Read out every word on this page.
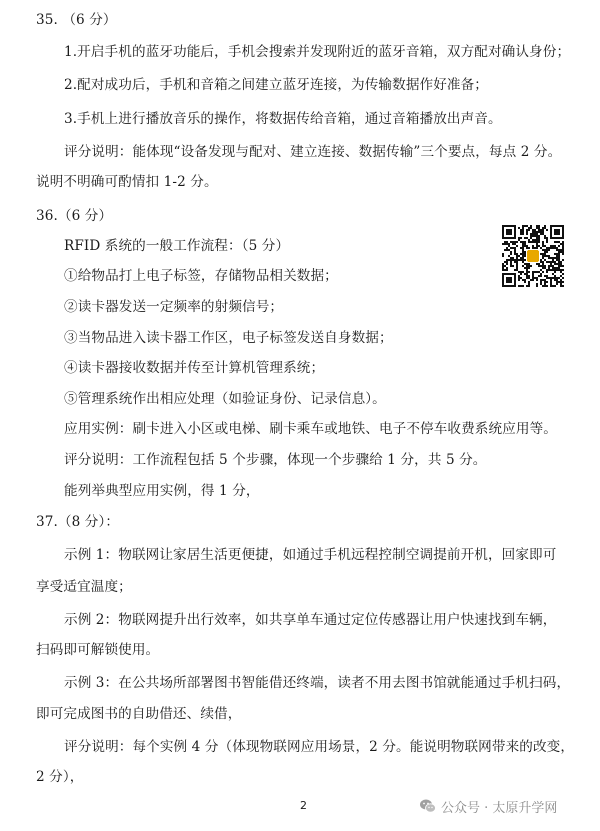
35. （6 分）
1.开启手机的蓝牙功能后，手机会搜索并发现附近的蓝牙音箱，双方配对确认身份；
2.配对成功后，手机和音箱之间建立蓝牙连接，为传输数据作好准备；
3.手机上进行播放音乐的操作，将数据传给音箱，通过音箱播放出声音。
评分说明：能体现“设备发现与配对、建立连接、数据传输”三个要点，每点 2 分。
说明不明确可酌情扣 1-2 分。
36.（6 分）
RFID 系统的一般工作流程：（5 分）
①给物品打上电子标签，存储物品相关数据；
②读卡器发送一定频率的射频信号；
③当物品进入读卡器工作区，电子标签发送自身数据；
④读卡器接收数据并传至计算机管理系统；
⑤管理系统作出相应处理（如验证身份、记录信息）。
应用实例：刷卡进入小区或电梯、刷卡乘车或地铁、电子不停车收费系统应用等。
评分说明：工作流程包括 5 个步骤，体现一个步骤给 1 分，共 5 分。
能列举典型应用实例，得 1 分，
37.（8 分）：
示例 1：物联网让家居生活更便捷，如通过手机远程控制空调提前开机，回家即可
享受适宜温度；
示例 2：物联网提升出行效率，如共享单车通过定位传感器让用户快速找到车辆，
扫码即可解锁使用。
示例 3：在公共场所部署图书智能借还终端，读者不用去图书馆就能通过手机扫码，
即可完成图书的自助借还、续借，
评分说明：每个实例 4 分（体现物联网应用场景，2 分。能说明物联网带来的改变，
2 分），
2	公众号 · 太原升学网
